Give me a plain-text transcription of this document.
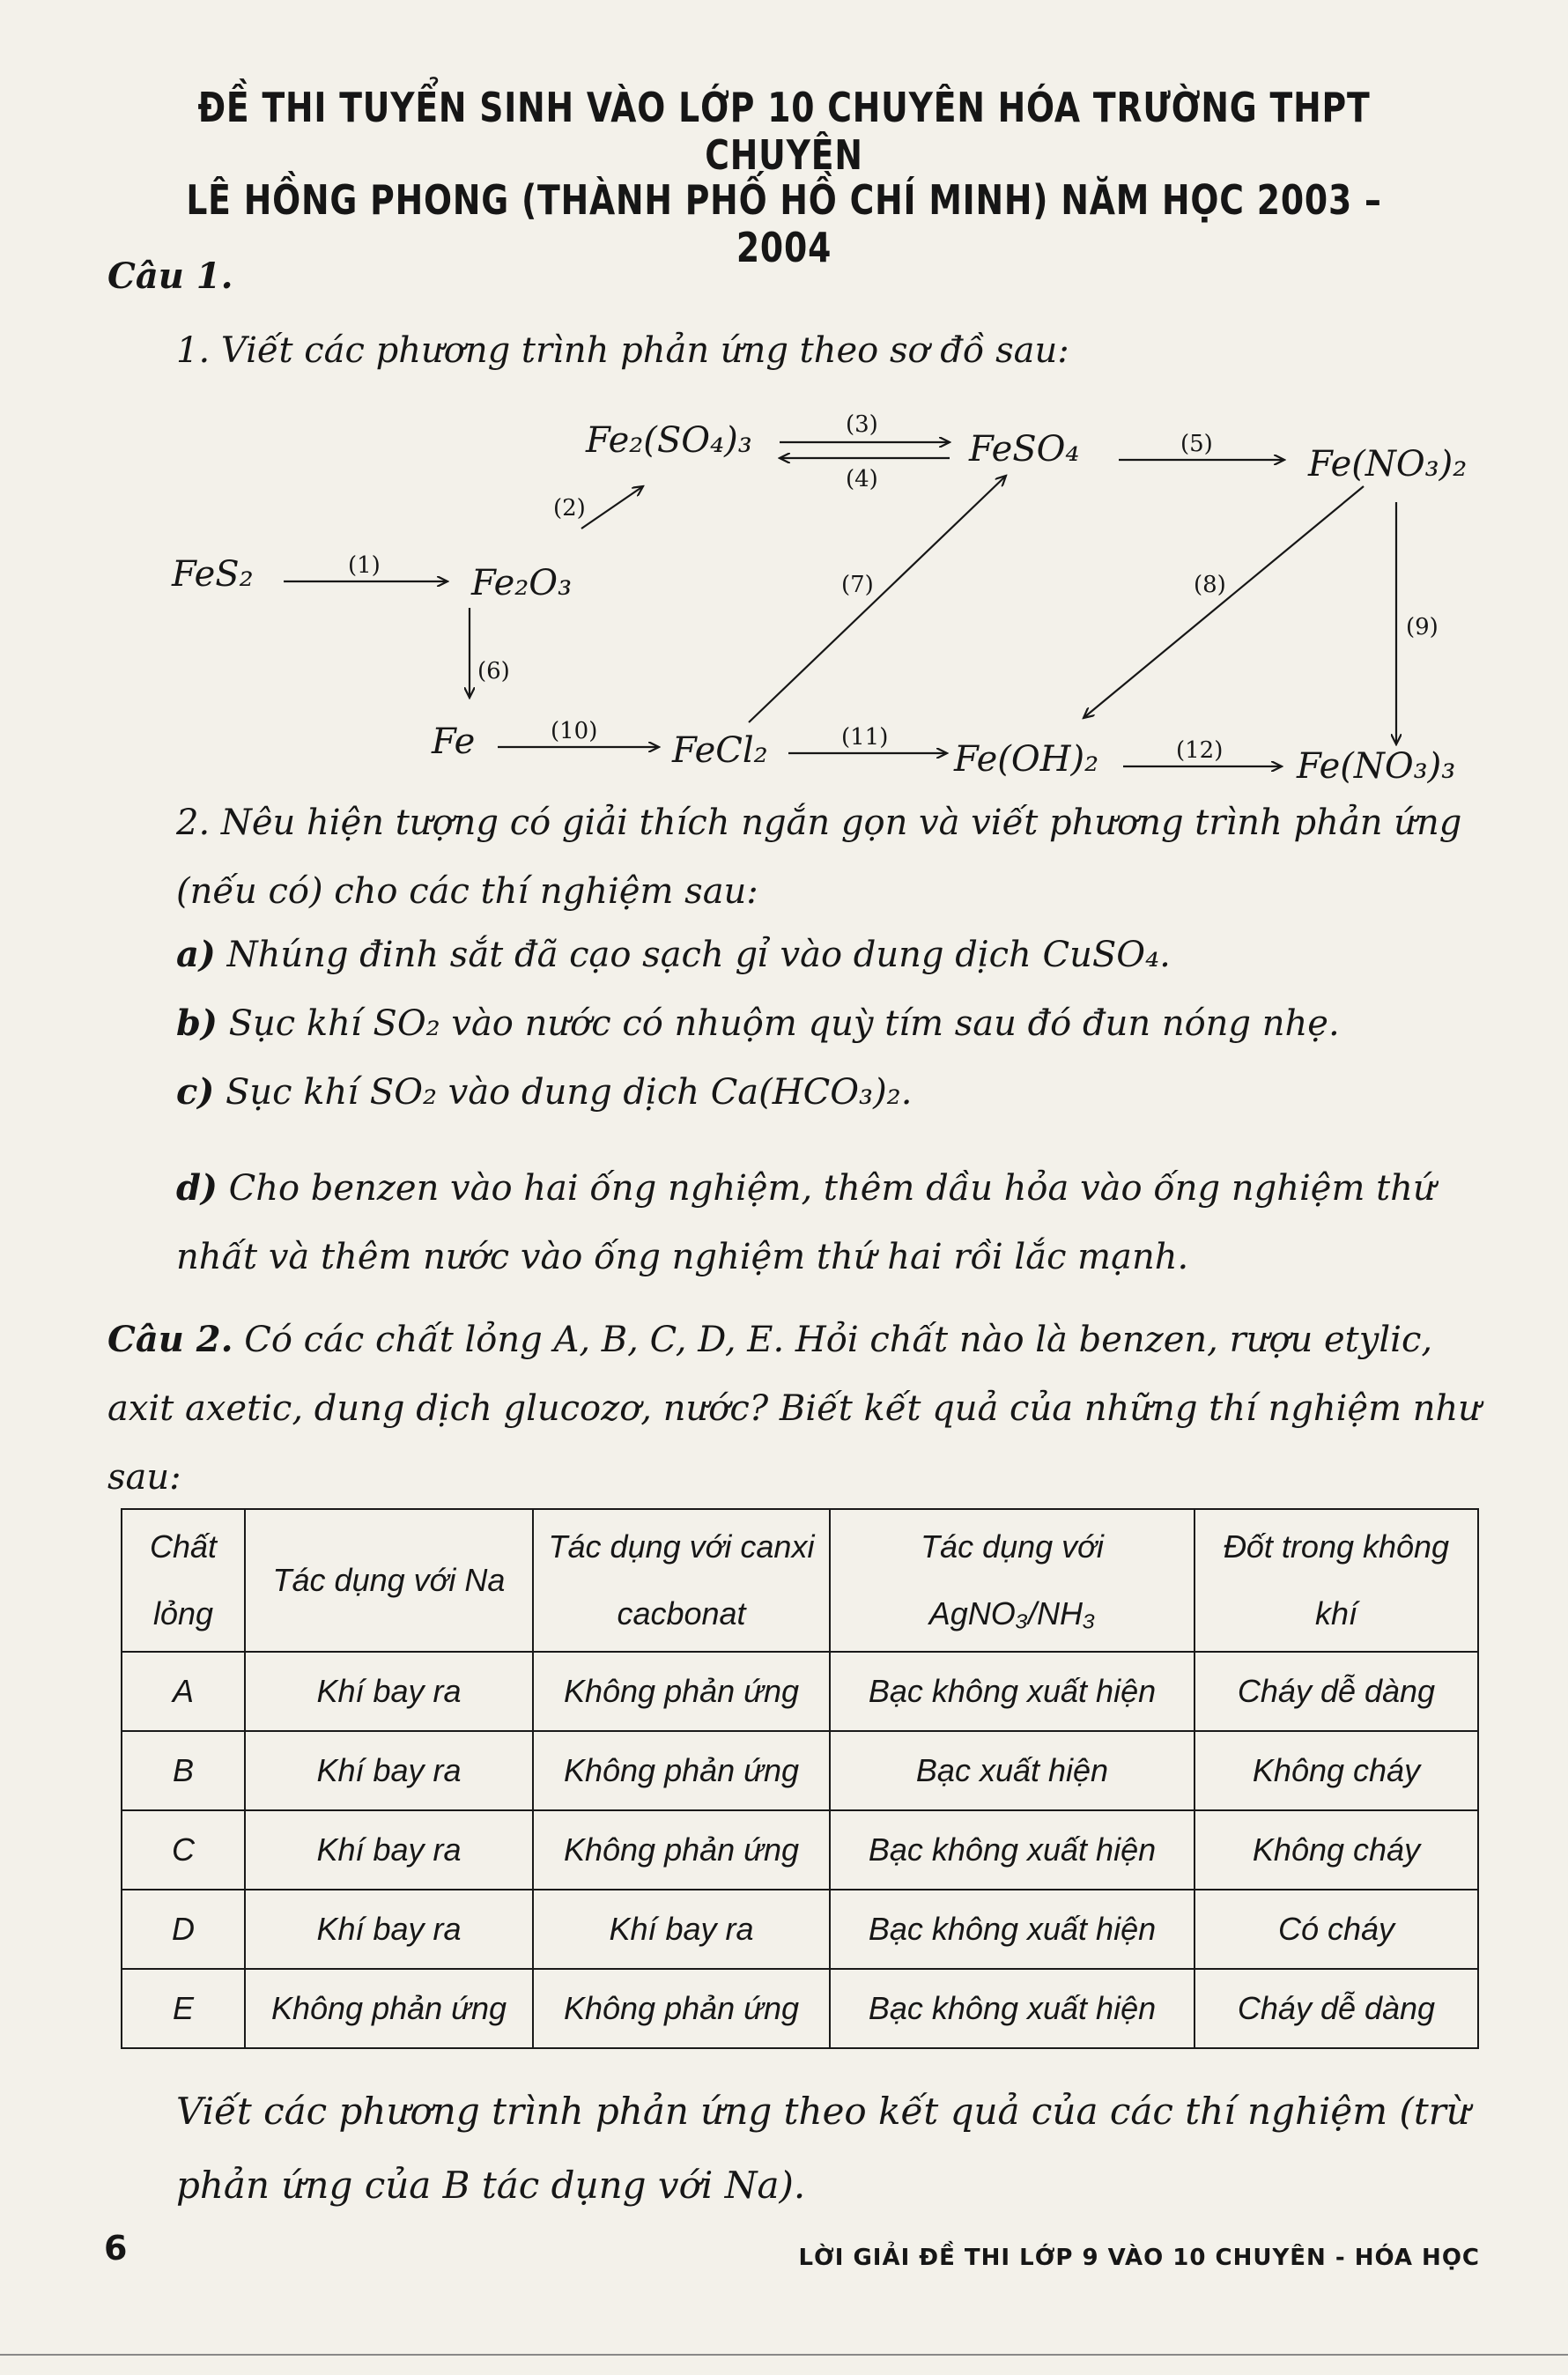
ĐỀ THI TUYỂN SINH VÀO LỚP 10 CHUYÊN HÓA TRƯỜNG THPT CHUYÊN
LÊ HỒNG PHONG (THÀNH PHỐ HỒ CHÍ MINH) NĂM HỌC 2003 – 2004
Câu 1.
1. Viết các phương trình phản ứng theo sơ đồ sau:
FeS₂	Fe₂O₃
Fe₂(SO₄)₃	FeSO₄	Fe(NO₃)₂
Fe	FeCl₂	Fe(OH)₂	Fe(NO₃)₃
(1)
(2)
(3)
(4)
(5)
(6)
(7)	(8)
(9)
(10)	(11)	(12)
2. Nêu hiện tượng có giải thích ngắn gọn và viết phương trình phản ứng (nếu có) cho các thí nghiệm sau:
a) Nhúng đinh sắt đã cạo sạch gỉ vào dung dịch CuSO₄.
b) Sục khí SO₂ vào nước có nhuộm quỳ tím sau đó đun nóng nhẹ.
c) Sục khí SO₂ vào dung dịch Ca(HCO₃)₂.
d) Cho benzen vào hai ống nghiệm, thêm dầu hỏa vào ống nghiệm thứ nhất và thêm nước vào ống nghiệm thứ hai rồi lắc mạnh.
Câu 2. Có các chất lỏng A, B, C, D, E. Hỏi chất nào là benzen, rượu etylic, axit axetic, dung dịch glucozơ, nước? Biết kết quả của những thí nghiệm như sau:
Chất lỏng	Tác dụng với Na	Tác dụng với canxi cacbonat	Tác dụng với AgNO₃/NH₃	Đốt trong không khí
A	Khí bay ra	Không phản ứng	Bạc không xuất hiện	Cháy dễ dàng
B	Khí bay ra	Không phản ứng	Bạc xuất hiện	Không cháy
C	Khí bay ra	Không phản ứng	Bạc không xuất hiện	Không cháy
D	Khí bay ra	Khí bay ra	Bạc không xuất hiện	Có cháy
E	Không phản ứng	Không phản ứng	Bạc không xuất hiện	Cháy dễ dàng
Viết các phương trình phản ứng theo kết quả của các thí nghiệm (trừ phản ứng của B tác dụng với Na).
6	LỜI GIẢI ĐỀ THI LỚP 9 VÀO 10 CHUYÊN - HÓA HỌC
